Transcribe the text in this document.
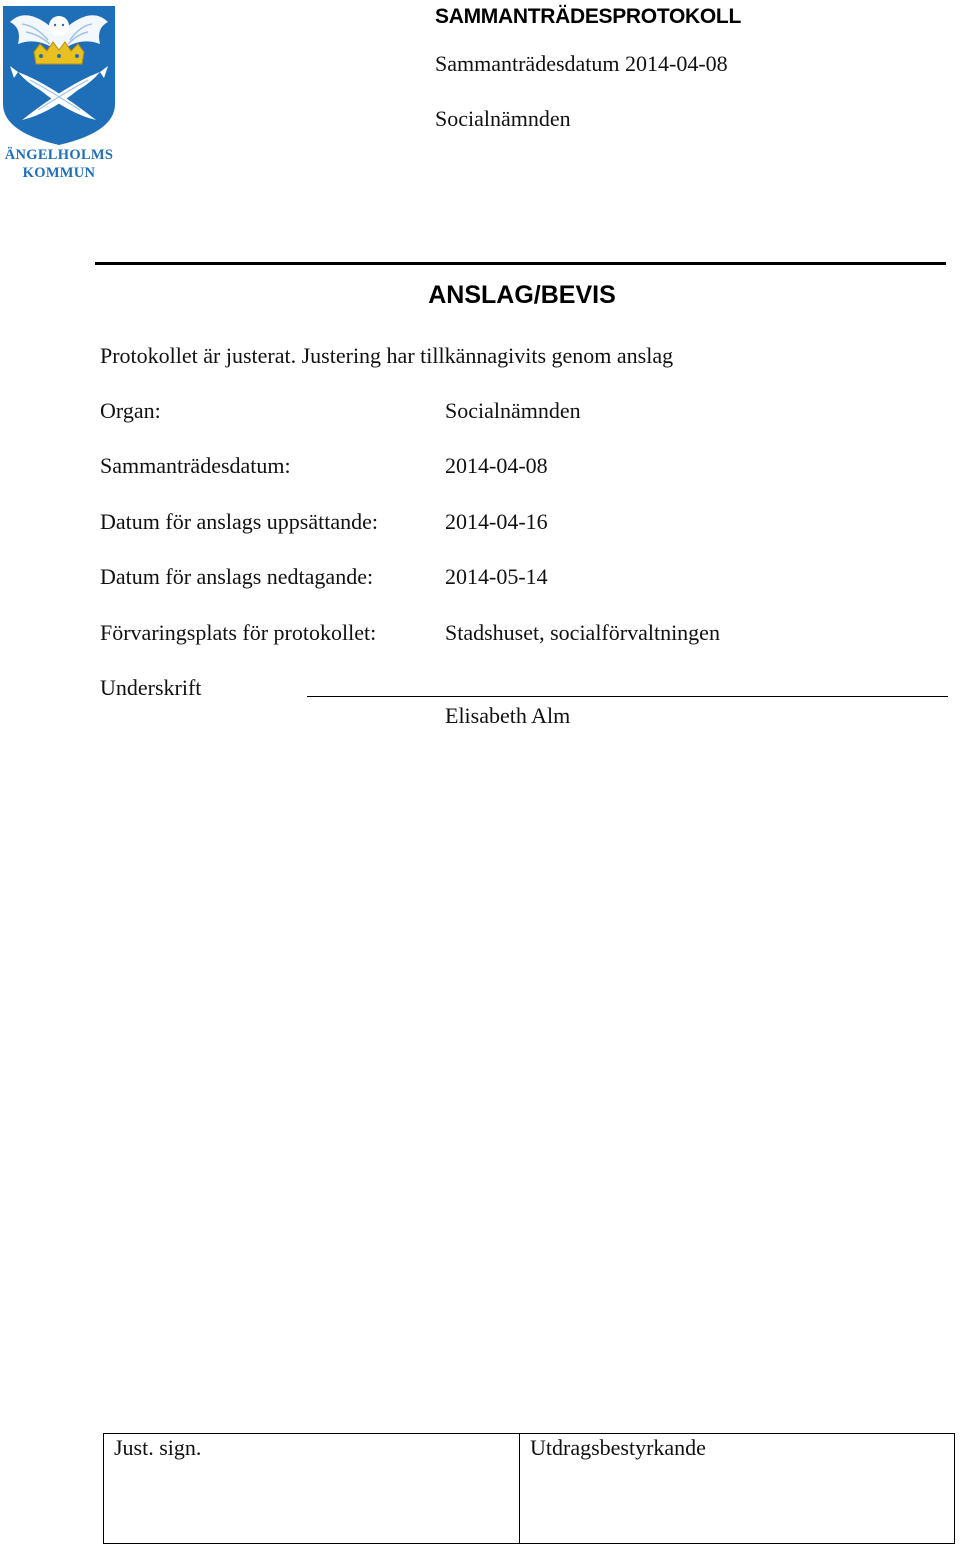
ÄNGELHOLMS
KOMMUN
SAMMANTRÄDESPROTOKOLL
Sammanträdesdatum 2014-04-08
Socialnämnden
ANSLAG/BEVIS
Protokollet är justerat. Justering har tillkännagivits genom anslag
Organ:	Socialnämnden
Sammanträdesdatum:	2014-04-08
Datum för anslags uppsättande:	2014-04-16
Datum för anslags nedtagande:	2014-05-14
Förvaringsplats för protokollet:	Stadshuset, socialförvaltningen
Underskrift
Elisabeth Alm
Just. sign.	Utdragsbestyrkande
